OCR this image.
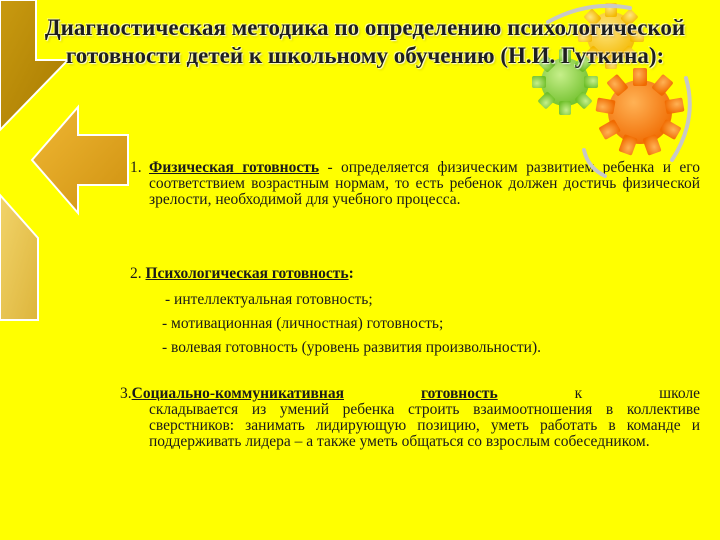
Диагностическая методика по определению психологической готовности детей к школьному обучению (Н.И. Гуткина):
1. Физическая готовность - определяется физическим развитием ребенка и его соответствием возрастным нормам, то есть ребенок должен достичь физической зрелости, необходимой для учебного процесса.
2. Психологическая готовность:
- интеллектуальная готовность;
- мотивационная (личностная) готовность;
- волевая готовность (уровень развития произвольности).
3.Социально-коммуникативная	готовность	к	школе
складывается из умений ребенка строить взаимоотношения в коллективе сверстников: занимать лидирующую позицию, уметь работать в команде и поддерживать лидера – а также уметь общаться со взрослым собеседником.
